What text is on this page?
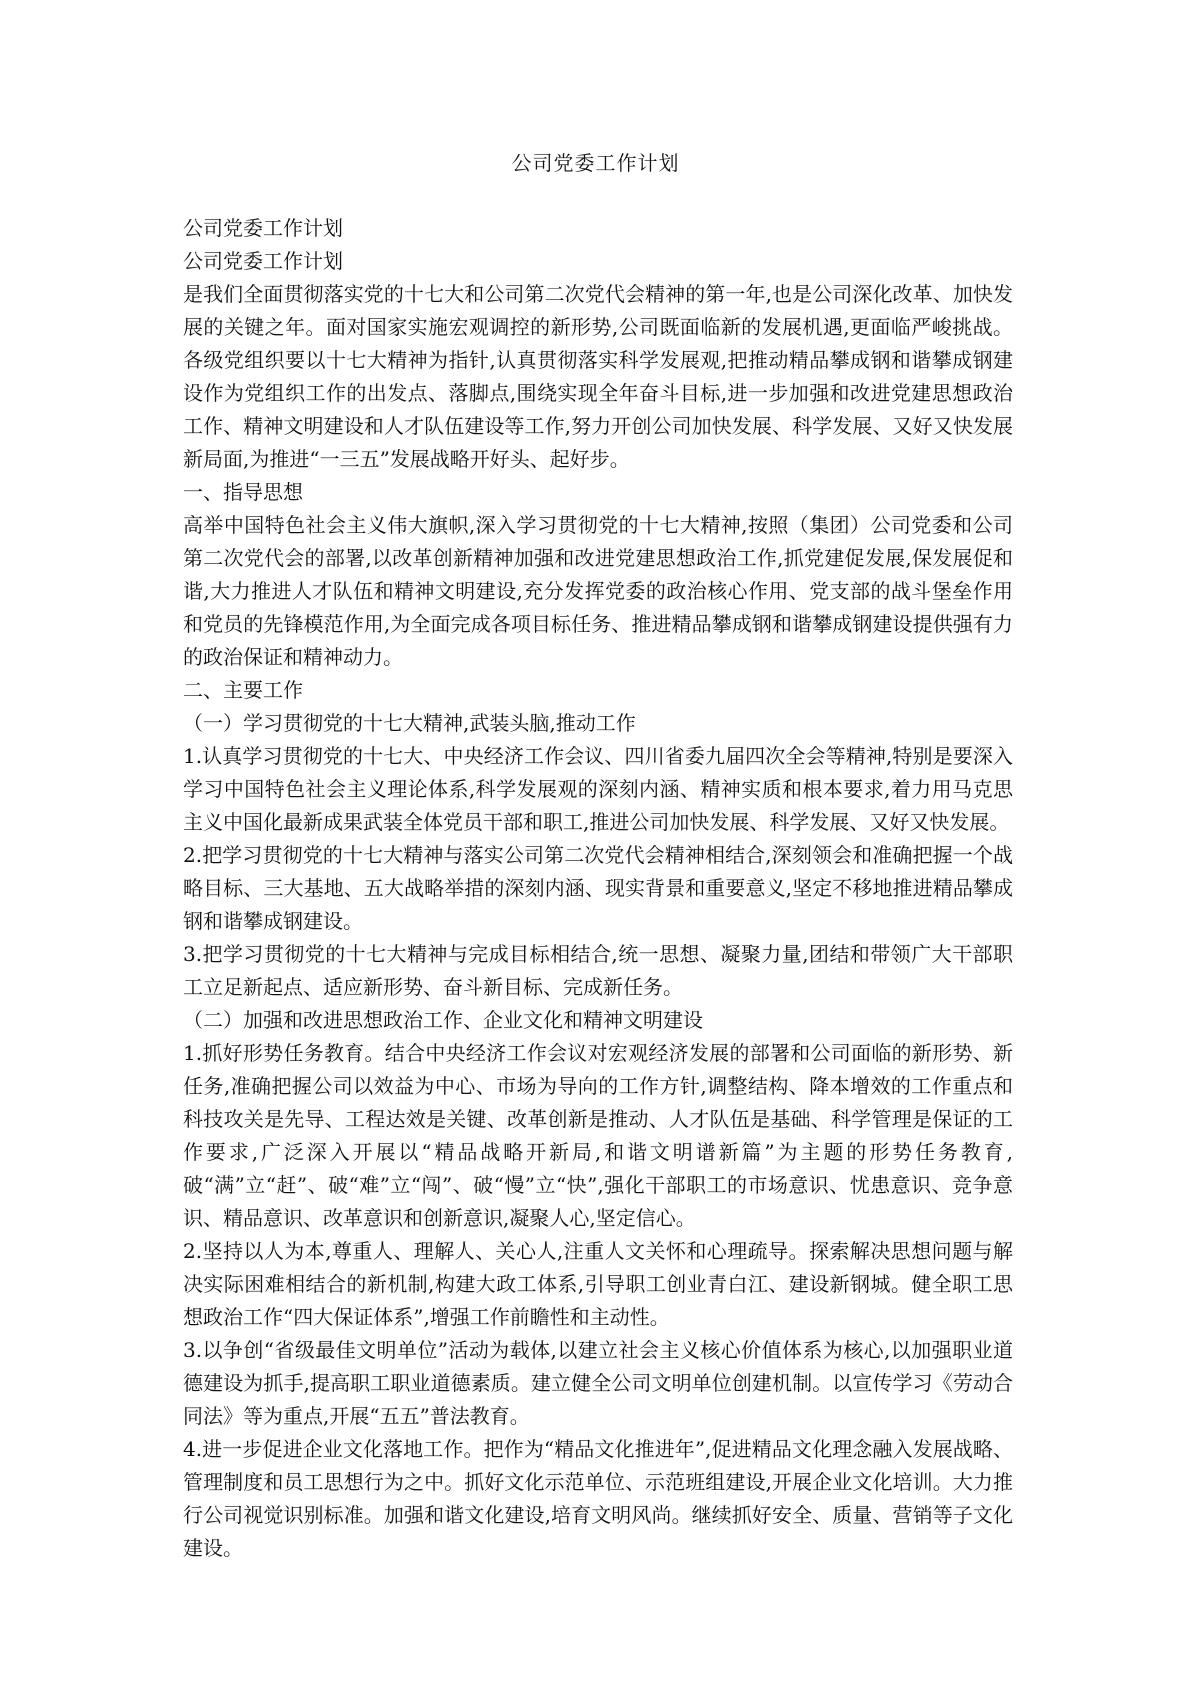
公司党委工作计划

公司党委工作计划

公司党委工作计划

是我们全面贯彻落实党的十七大和公司第二次党代会精神的第一年,也是公司深化改革、加快发展的关键之年。面对国家实施宏观调控的新形势,公司既面临新的发展机遇,更面临严峻挑战。各级党组织要以十七大精神为指针,认真贯彻落实科学发展观,把推动精品攀成钢和谐攀成钢建设作为党组织工作的出发点、落脚点,围绕实现全年奋斗目标,进一步加强和改进党建思想政治工作、精神文明建设和人才队伍建设等工作,努力开创公司加快发展、科学发展、又好又快发展新局面,为推进“一三五”发展战略开好头、起好步。

一、指导思想

高举中国特色社会主义伟大旗帜,深入学习贯彻党的十七大精神,按照（集团）公司党委和公司第二次党代会的部署,以改革创新精神加强和改进党建思想政治工作,抓党建促发展,保发展促和谐,大力推进人才队伍和精神文明建设,充分发挥党委的政治核心作用、党支部的战斗堡垒作用和党员的先锋模范作用,为全面完成各项目标任务、推进精品攀成钢和谐攀成钢建设提供强有力的政治保证和精神动力。

二、主要工作

（一）学习贯彻党的十七大精神,武装头脑,推动工作

1.认真学习贯彻党的十七大、中央经济工作会议、四川省委九届四次全会等精神,特别是要深入学习中国特色社会主义理论体系,科学发展观的深刻内涵、精神实质和根本要求,着力用马克思主义中国化最新成果武装全体党员干部和职工,推进公司加快发展、科学发展、又好又快发展。

2.把学习贯彻党的十七大精神与落实公司第二次党代会精神相结合,深刻领会和准确把握一个战略目标、三大基地、五大战略举措的深刻内涵、现实背景和重要意义,坚定不移地推进精品攀成钢和谐攀成钢建设。

3.把学习贯彻党的十七大精神与完成目标相结合,统一思想、凝聚力量,团结和带领广大干部职工立足新起点、适应新形势、奋斗新目标、完成新任务。

（二）加强和改进思想政治工作、企业文化和精神文明建设

1.抓好形势任务教育。结合中央经济工作会议对宏观经济发展的部署和公司面临的新形势、新任务,准确把握公司以效益为中心、市场为导向的工作方针,调整结构、降本增效的工作重点和科技攻关是先导、工程达效是关键、改革创新是推动、人才队伍是基础、科学管理是保证的工作要求,广泛深入开展以“精品战略开新局,和谐文明谱新篇”为主题的形势任务教育,破“满”立“赶”、破“难”立“闯”、破“慢”立“快”,强化干部职工的市场意识、忧患意识、竞争意识、精品意识、改革意识和创新意识,凝聚人心,坚定信心。

2.坚持以人为本,尊重人、理解人、关心人,注重人文关怀和心理疏导。探索解决思想问题与解决实际困难相结合的新机制,构建大政工体系,引导职工创业青白江、建设新钢城。健全职工思想政治工作“四大保证体系”,增强工作前瞻性和主动性。

3.以争创“省级最佳文明单位”活动为载体,以建立社会主义核心价值体系为核心,以加强职业道德建设为抓手,提高职工职业道德素质。建立健全公司文明单位创建机制。以宣传学习《劳动合同法》等为重点,开展“五五”普法教育。

4.进一步促进企业文化落地工作。把作为“精品文化推进年”,促进精品文化理念融入发展战略、管理制度和员工思想行为之中。抓好文化示范单位、示范班组建设,开展企业文化培训。大力推行公司视觉识别标准。加强和谐文化建设,培育文明风尚。继续抓好安全、质量、营销等子文化建设。
